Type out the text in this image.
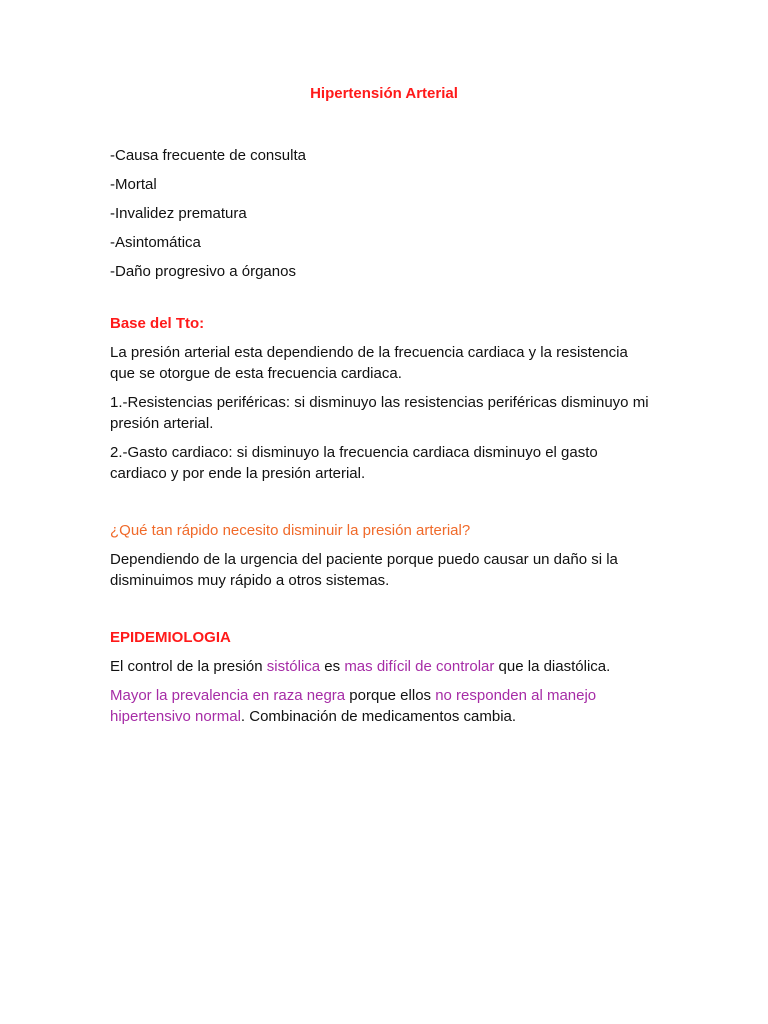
Hipertensión Arterial
-Causa frecuente de consulta
-Mortal
-Invalidez prematura
-Asintomática
-Daño progresivo a órganos
Base del Tto:

La presión arterial esta dependiendo de la frecuencia cardiaca y la resistencia que se otorgue de esta frecuencia cardiaca.

1.-Resistencias periféricas: si disminuyo las resistencias periféricas disminuyo mi presión arterial.

2.-Gasto cardiaco: si disminuyo la frecuencia cardiaca disminuyo el gasto cardiaco y por ende la presión arterial.

¿Qué tan rápido necesito disminuir la presión arterial?

Dependiendo de la urgencia del paciente porque puedo causar un daño si la disminuimos muy rápido a otros sistemas.

EPIDEMIOLOGIA

El control de la presión sistólica es mas difícil de controlar que la diastólica.

Mayor la prevalencia en raza negra porque ellos no responden al manejo hipertensivo normal. Combinación de medicamentos cambia.
